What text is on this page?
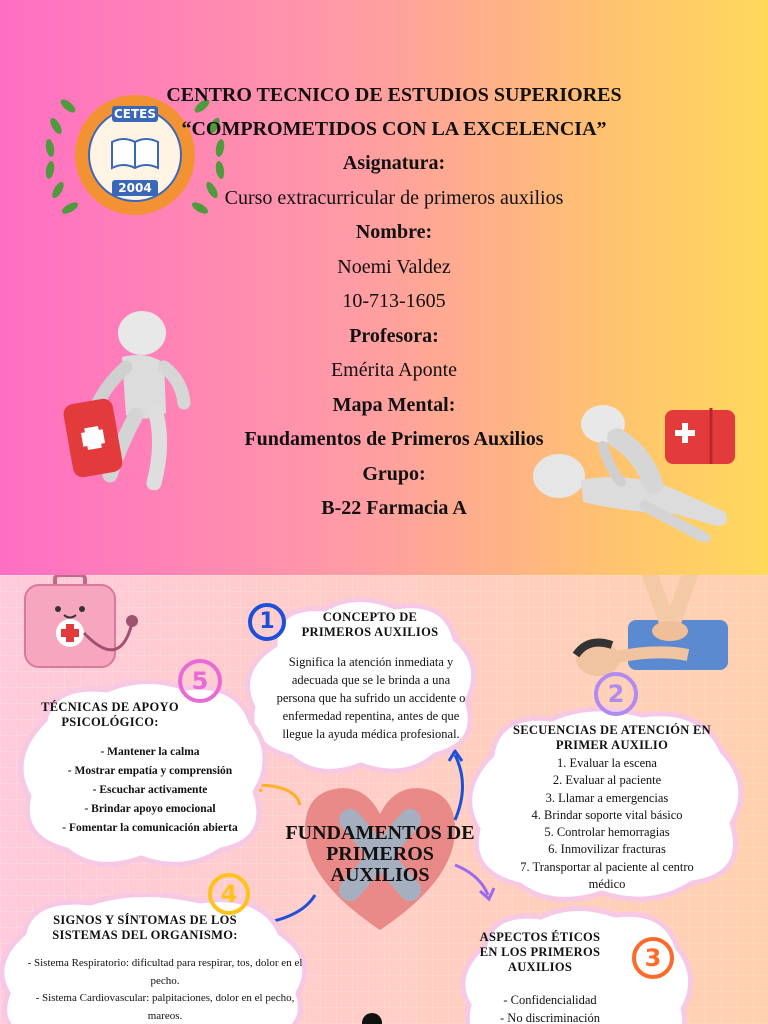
CETES
2004
CENTRO TECNICO DE ESTUDIOS SUPERIORES
“COMPROMETIDOS CON LA EXCELENCIA”
Asignatura:
Curso extracurricular de primeros auxilios
Nombre:
Noemi Valdez
10-713-1605
Profesora:
Emérita Aponte
Mapa Mental:
Fundamentos de Primeros Auxilios
Grupo:
B-22 Farmacia A
FUNDAMENTOS DE PRIMEROS AUXILIOS
CONCEPTO DE PRIMEROS AUXILIOS
Significa la atención inmediata y adecuada que se le brinda a una persona que ha sufrido un accidente o enfermedad repentina, antes de que llegue la ayuda médica profesional.	SECUENCIAS DE ATENCIÓN EN PRIMER AUXILIO
1. Evaluar la escena
2. Evaluar al paciente
3. Llamar a emergencias
4. Brindar soporte vital básico
5. Controlar hemorragias
6. Inmovilizar fracturas
7. Transportar al paciente al centro médico
ASPECTOS ÉTICOS EN LOS PRIMEROS AUXILIOS
- Confidencialidad
- No discriminación
SIGNOS Y SÍNTOMAS DE LOS SISTEMAS DEL ORGANISMO:
- Sistema Respiratorio: dificultad para respirar, tos, dolor en el pecho.
- Sistema Cardiovascular: palpitaciones, dolor en el pecho, mareos.
TÉCNICAS DE APOYO PSICOLÓGICO:
- Mantener la calma
- Mostrar empatía y comprensión
- Escuchar activamente
- Brindar apoyo emocional
- Fomentar la comunicación abierta
1
2
3
4
5
